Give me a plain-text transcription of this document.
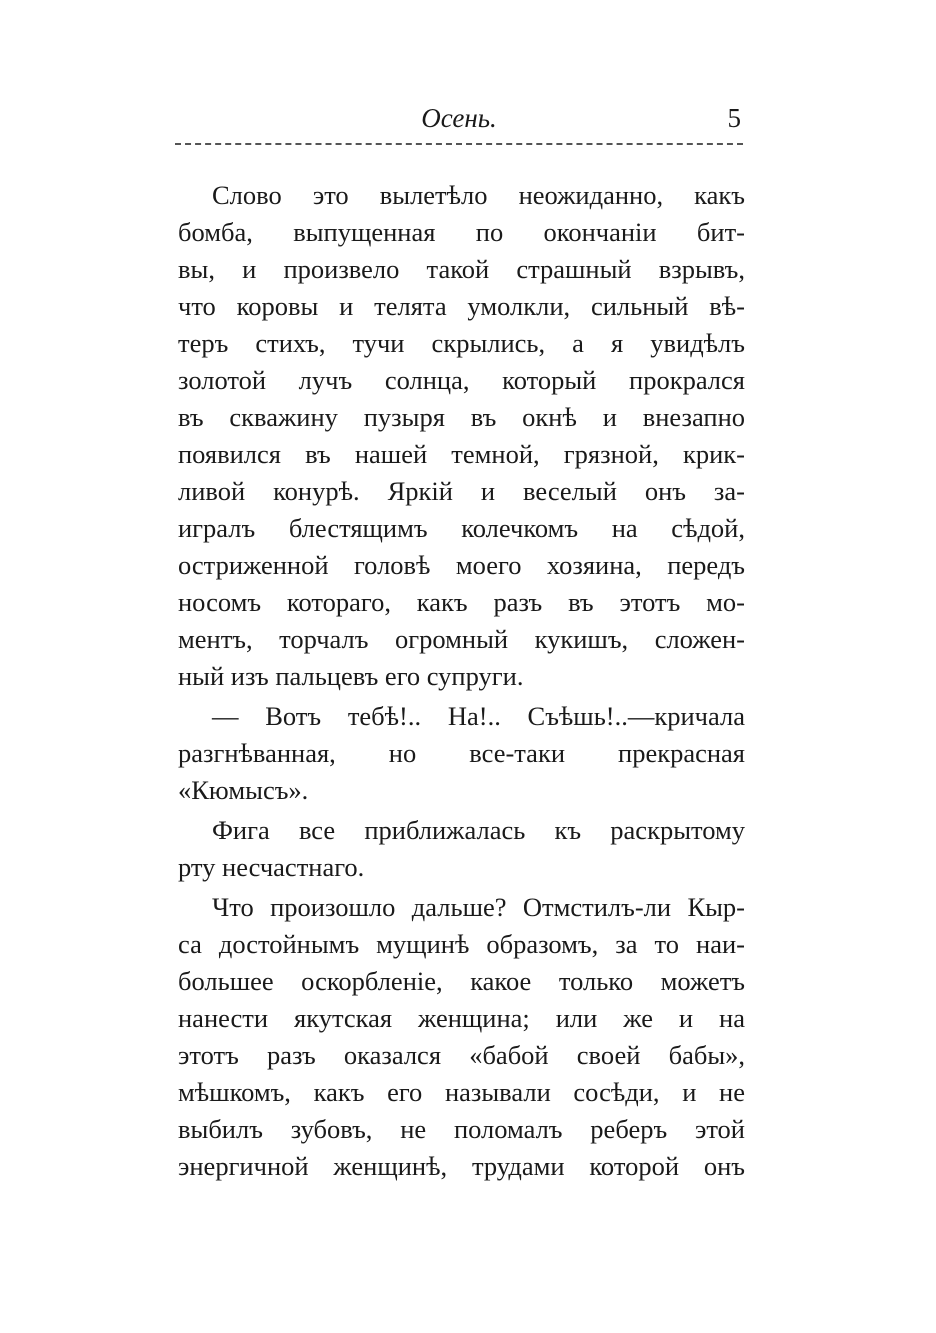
Осень.	5
Слово это вылетѣло неожиданно, какъ
бомба, выпущенная по окончаніи бит-
вы, и произвело такой страшный взрывъ,
что коровы и телята умолкли, сильный вѣ-
теръ стихъ, тучи скрылись, а я увидѣлъ
золотой лучъ солнца, который прокрался
въ скважину пузыря въ окнѣ и внезапно
появился въ нашей темной, грязной, крик-
ливой конурѣ. Яркій и веселый онъ за-
игралъ блестящимъ колечкомъ на сѣдой,
остриженной головѣ моего хозяина, передъ
носомъ котораго, какъ разъ въ этотъ мо-
ментъ, торчалъ огромный кукишъ, сложен-
ный изъ пальцевъ его супруги.
— Вотъ тебѣ!.. На!.. Съѣшь!..—кричала
разгнѣванная, но все-таки прекрасная
«Кюмысъ».
Фига все приближалась къ раскрытому
рту несчастнаго.
Что произошло дальше? Отмстилъ-ли Кыр-
са достойнымъ мущинѣ образомъ, за то наи-
большее оскорбленіе, какое только можетъ
нанести якутская женщина; или же и на
этотъ разъ оказался «бабой своей бабы»,
мѣшкомъ, какъ его называли сосѣди, и не
выбилъ зубовъ, не поломалъ реберъ этой
энергичной женщинѣ, трудами которой онъ
